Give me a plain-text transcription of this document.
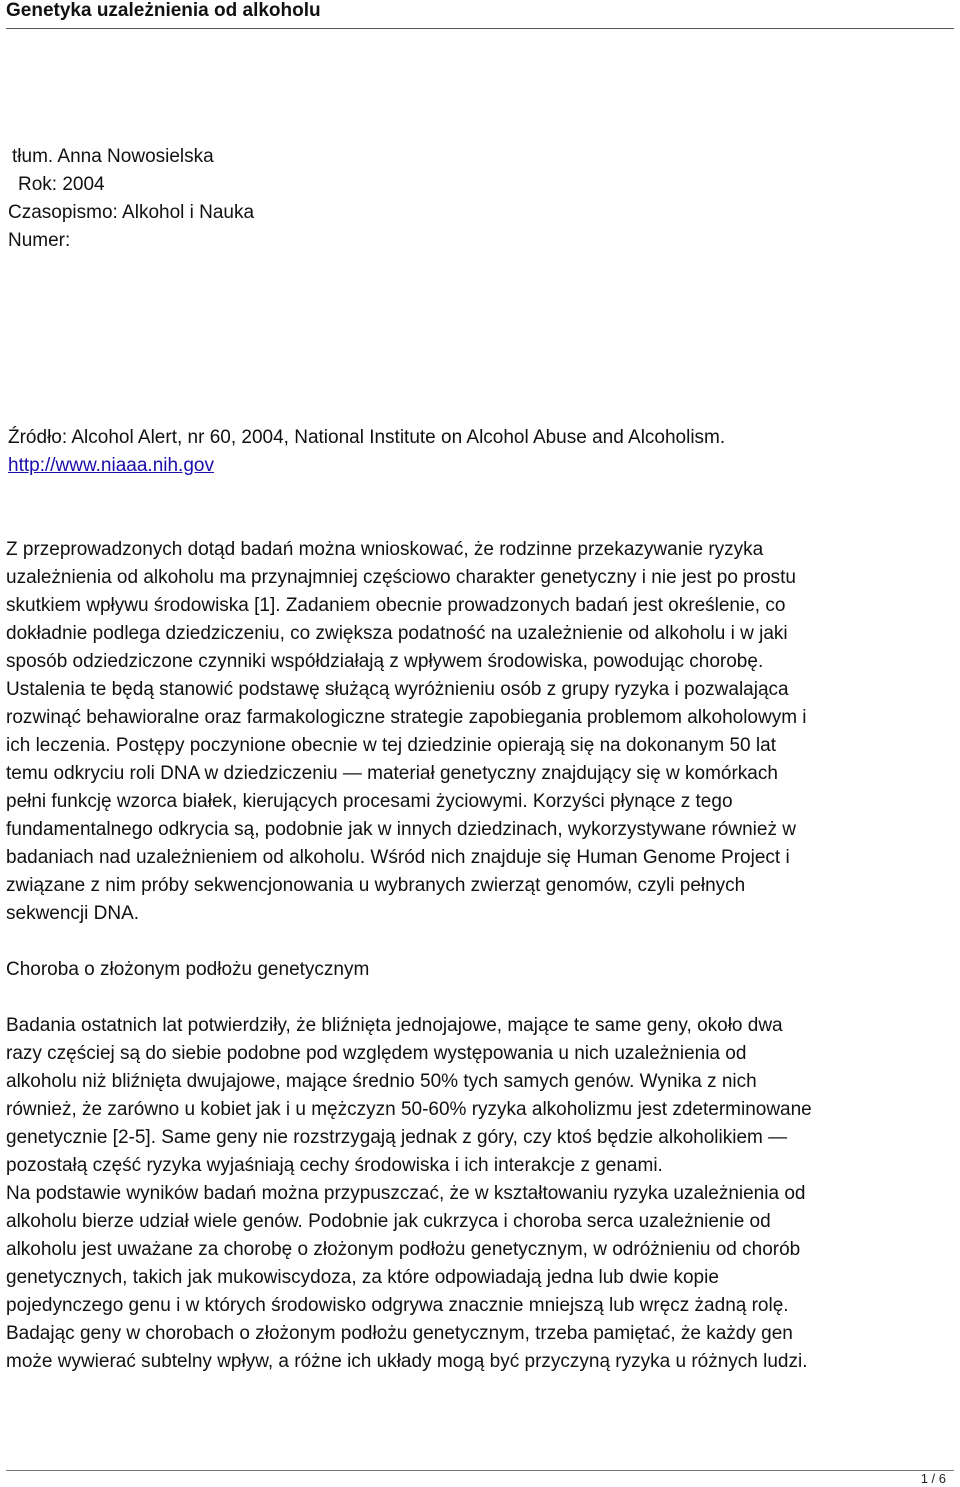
Genetyka uzależnienia od alkoholu
tłum. Anna Nowosielska
Rok: 2004
Czasopismo: Alkohol i Nauka
Numer:
Źródło: Alcohol Alert, nr 60, 2004, National Institute on Alcohol Abuse and Alcoholism.
http://www.niaaa.nih.gov
Z przeprowadzonych dotąd badań można wnioskować, że rodzinne przekazywanie ryzyka
uzależnienia od alkoholu ma przynajmniej częściowo charakter genetyczny i nie jest po prostu
skutkiem wpływu środowiska [1]. Zadaniem obecnie prowadzonych badań jest określenie, co
dokładnie podlega dziedziczeniu, co zwiększa podatność na uzależnienie od alkoholu i w jaki
sposób odziedziczone czynniki współdziałają z wpływem środowiska, powodując chorobę.
Ustalenia te będą stanowić podstawę służącą wyróżnieniu osób z grupy ryzyka i pozwalająca
rozwinąć behawioralne oraz farmakologiczne strategie zapobiegania problemom alkoholowym i
ich leczenia. Postępy poczynione obecnie w tej dziedzinie opierają się na dokonanym 50 lat
temu odkryciu roli DNA w dziedziczeniu — materiał genetyczny znajdujący się w komórkach
pełni funkcję wzorca białek, kierujących procesami życiowymi. Korzyści płynące z tego
fundamentalnego odkrycia są, podobnie jak w innych dziedzinach, wykorzystywane również w
badaniach nad uzależnieniem od alkoholu. Wśród nich znajduje się Human Genome Project i
związane z nim próby sekwencjonowania u wybranych zwierząt genomów, czyli pełnych
sekwencji DNA.
Choroba o złożonym podłożu genetycznym
Badania ostatnich lat potwierdziły, że bliźnięta jednojajowe, mające te same geny, około dwa
razy częściej są do siebie podobne pod względem występowania u nich uzależnienia od
alkoholu niż bliźnięta dwujajowe, mające średnio 50% tych samych genów. Wynika z nich
również, że zarówno u kobiet jak i u mężczyzn 50-60% ryzyka alkoholizmu jest zdeterminowane
genetycznie [2-5]. Same geny nie rozstrzygają jednak z góry, czy ktoś będzie alkoholikiem —
pozostałą część ryzyka wyjaśniają cechy środowiska i ich interakcje z genami.
Na podstawie wyników badań można przypuszczać, że w kształtowaniu ryzyka uzależnienia od
alkoholu bierze udział wiele genów. Podobnie jak cukrzyca i choroba serca uzależnienie od
alkoholu jest uważane za chorobę o złożonym podłożu genetycznym, w odróżnieniu od chorób
genetycznych, takich jak mukowiscydoza, za które odpowiadają jedna lub dwie kopie
pojedynczego genu i w których środowisko odgrywa znacznie mniejszą lub wręcz żadną rolę.
Badając geny w chorobach o złożonym podłożu genetycznym, trzeba pamiętać, że każdy gen
może wywierać subtelny wpływ, a różne ich układy mogą być przyczyną ryzyka u różnych ludzi.
1 / 6
